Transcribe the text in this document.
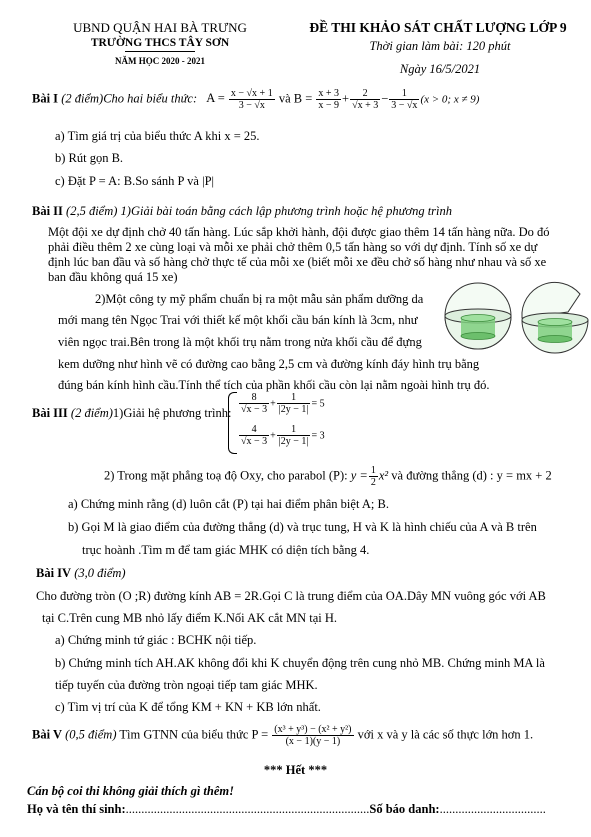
UBND QUẬN HAI BÀ TRƯNG
TRƯỜNG THCS TÂY SƠN
NĂM HỌC 2020 - 2021
ĐỀ THI KHẢO SÁT CHẤT LƯỢNG LỚP 9
Thời gian làm bài: 120 phút
Ngày 16/5/2021
Bài I (2 điểm)Cho hai biểu thức: $A = \frac{x - √x + 1}{3 - √x}$ và $B = \frac{x + 3}{x - 9} + \frac{2}{√x + 3} - \frac{1}{3 - √x} (x > 0$; x ≠ 9)
a) Tìm giá trị của biểu thức A khi x = 25.
b) Rút gọn B.
c) Đặt P = A: B.So sánh P và |P|
Bài II (2,5 điểm) 1)Giải bài toán bằng cách lập phương trình hoặc hệ phương trình
Một đội xe dự định chở 40 tấn hàng. Lúc sắp khởi hành, đội được giao thêm 14 tấn hàng nữa. Do đó
phải điều thêm 2 xe cùng loại và mỗi xe phải chở thêm 0,5 tấn hàng so với dự định. Tính số xe dự
định lúc ban đầu và số hàng chở thực tế của mỗi xe (biết mỗi xe đều chở số hàng như nhau và số xe
ban đầu không quá 15 xe)
2)Một công ty mỹ phẩm chuẩn bị ra một mẫu sản phẩm dưỡng da
mới mang tên Ngọc Trai với thiết kế một khối cầu bán kính là 3cm, như
viên ngọc trai.Bên trong là một khối trụ nằm trong nửa khối cầu để đựng
kem dưỡng như hình vẽ có đường cao bằng 2,5 cm và đường kính đáy hình trụ bằng
đúng bán kính hình cầu.Tính thể tích của phần khối cầu còn lại nằm ngoài hình trụ đó.
Bài III (2 điểm)1)Giải hệ phương trình: $\frac{8}{√x - 3} + \frac{1}{|2y - 1|} = 5$
$\frac{4}{√x - 3} + \frac{1}{|2y - 1|} = 3$
2) Trong mặt phẳng toạ độ Oxy, cho parabol (P): $y = \frac{1}{2} x^2$ và đường thẳng (d) : y = mx + 2
a) Chứng minh rằng (d) luôn cắt (P) tại hai điểm phân biệt A; B.
b) Gọi M là giao điểm của đường thẳng (d) và trục tung, H và K là hình chiếu của A và B trên
trục hoành .Tìm m để tam giác MHK có diện tích bằng 4.
Bài IV (3,0 điểm)
Cho đường tròn (O ;R) đường kính AB = 2R.Gọi C là trung điểm của OA.Dây MN vuông góc với AB
tại C.Trên cung MB nhỏ lấy điểm K.Nối AK cắt MN tại H.
a) Chứng minh tứ giác : BCHK nội tiếp.
b) Chứng minh tích AH.AK không đổi khi K chuyển động trên cung nhỏ MB. Chứng minh MA là
tiếp tuyến của đường tròn ngoại tiếp tam giác MHK.
c) Tìm vị trí của K để tổng KM + KN + KB lớn nhất.
Bài V (0,5 điểm) Tìm GTNN của biểu thức $P = \frac{\text{(x³ + y³) − (x² + y²)}}{(x - 1)(y - 1)}$ với x và y là các số thực lớn hơn 1.
*** Hết ***
Cán bộ coi thi không giải thích gì thêm!
Họ và tên thí sinh:..............................................................................Số báo danh:..................................
